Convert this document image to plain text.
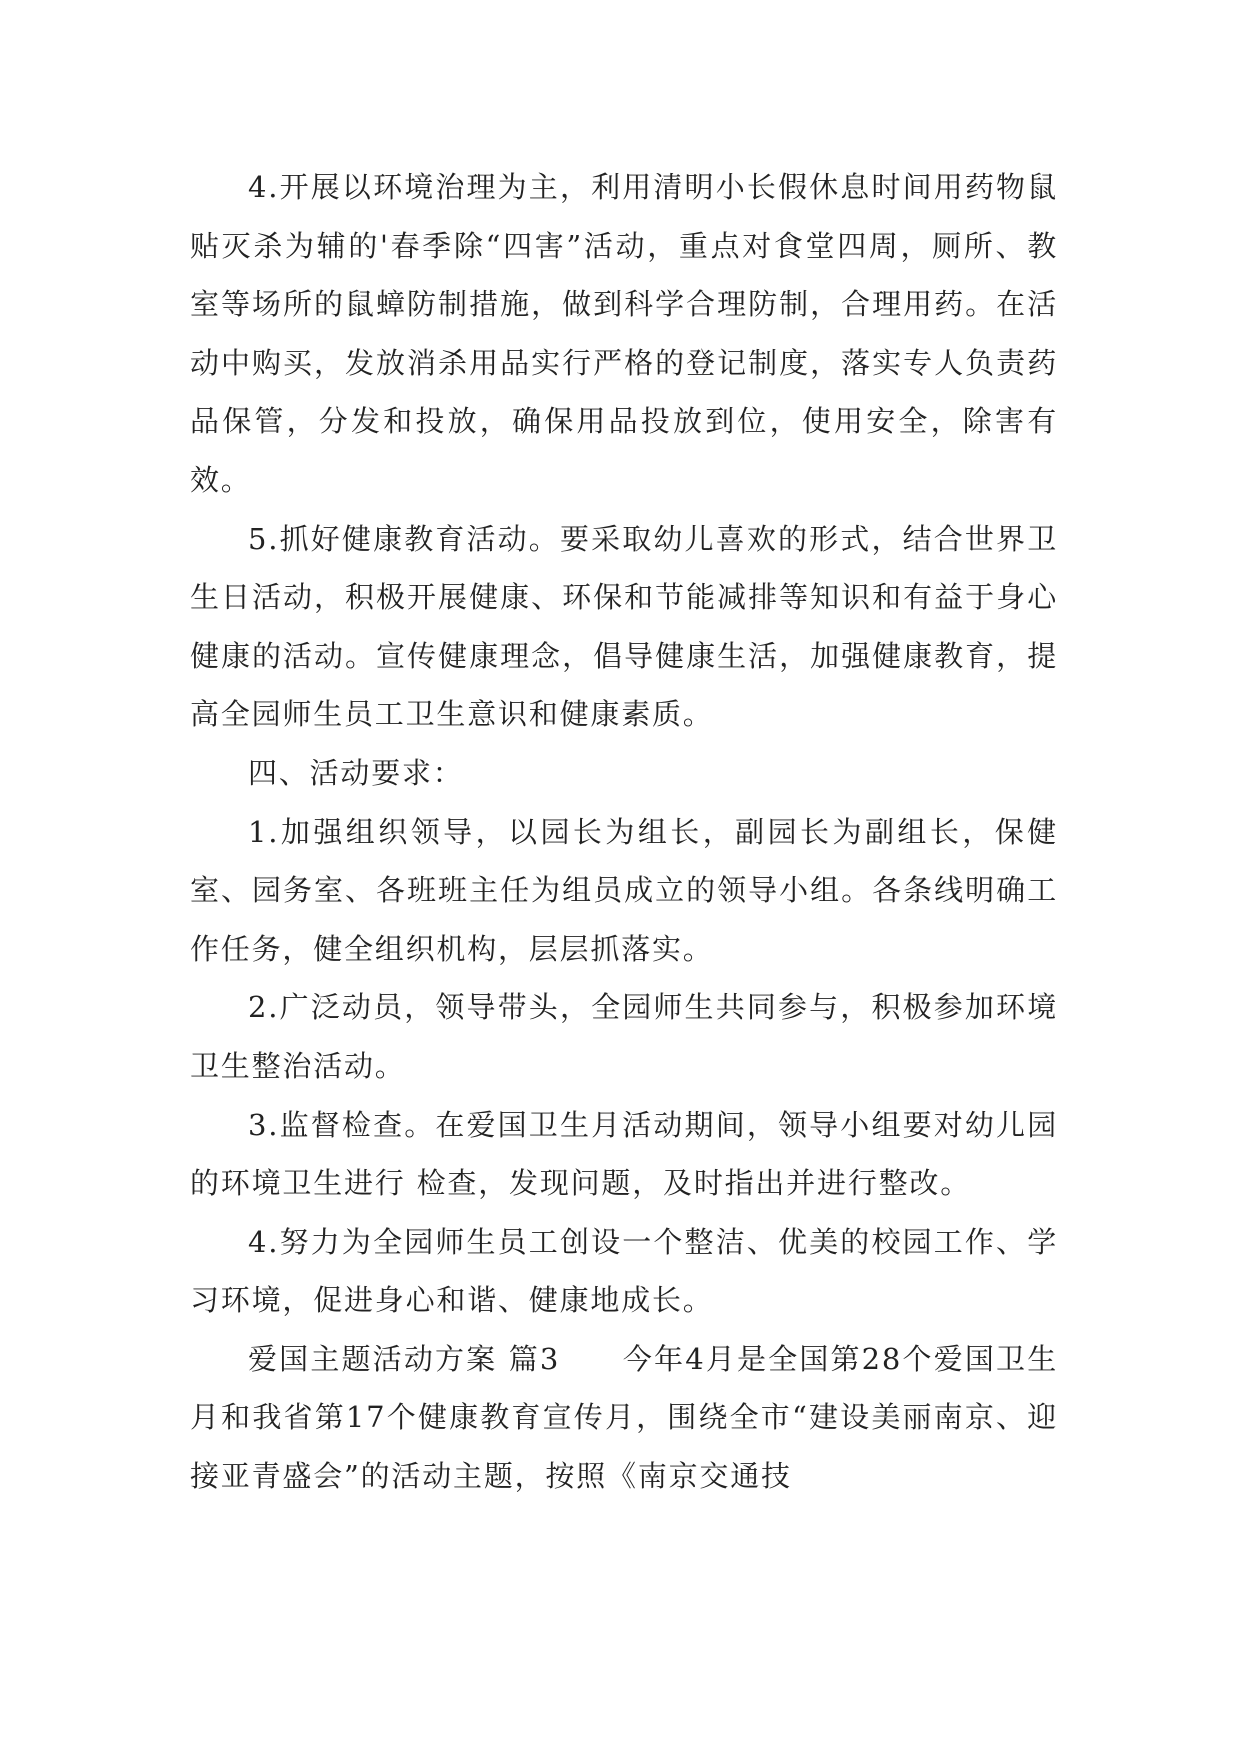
4.开展以环境治理为主，利用清明小长假休息时间用药物鼠贴灭杀为辅的'春季除“四害”活动，重点对食堂四周，厕所、教室等场所的鼠蟑防制措施，做到科学合理防制，合理用药。在活动中购买，发放消杀用品实行严格的登记制度，落实专人负责药品保管，分发和投放，确保用品投放到位，使用安全，除害有效。

5.抓好健康教育活动。要采取幼儿喜欢的形式，结合世界卫生日活动，积极开展健康、环保和节能减排等知识和有益于身心健康的活动。宣传健康理念，倡导健康生活，加强健康教育，提高全园师生员工卫生意识和健康素质。

四、活动要求：

1.加强组织领导，以园长为组长，副园长为副组长，保健室、园务室、各班班主任为组员成立的领导小组。各条线明确工作任务，健全组织机构，层层抓落实。

2.广泛动员，领导带头，全园师生共同参与，积极参加环境卫生整治活动。

3.监督检查。在爱国卫生月活动期间，领导小组要对幼儿园的环境卫生进行 检查，发现问题，及时指出并进行整改。

4.努力为全园师生员工创设一个整洁、优美的校园工作、学习环境，促进身心和谐、健康地成长。

爱国主题活动方案 篇3　　今年4月是全国第28个爱国卫生月和我省第17个健康教育宣传月，围绕全市“建设美丽南京、迎接亚青盛会”的活动主题，按照《南京交通技
